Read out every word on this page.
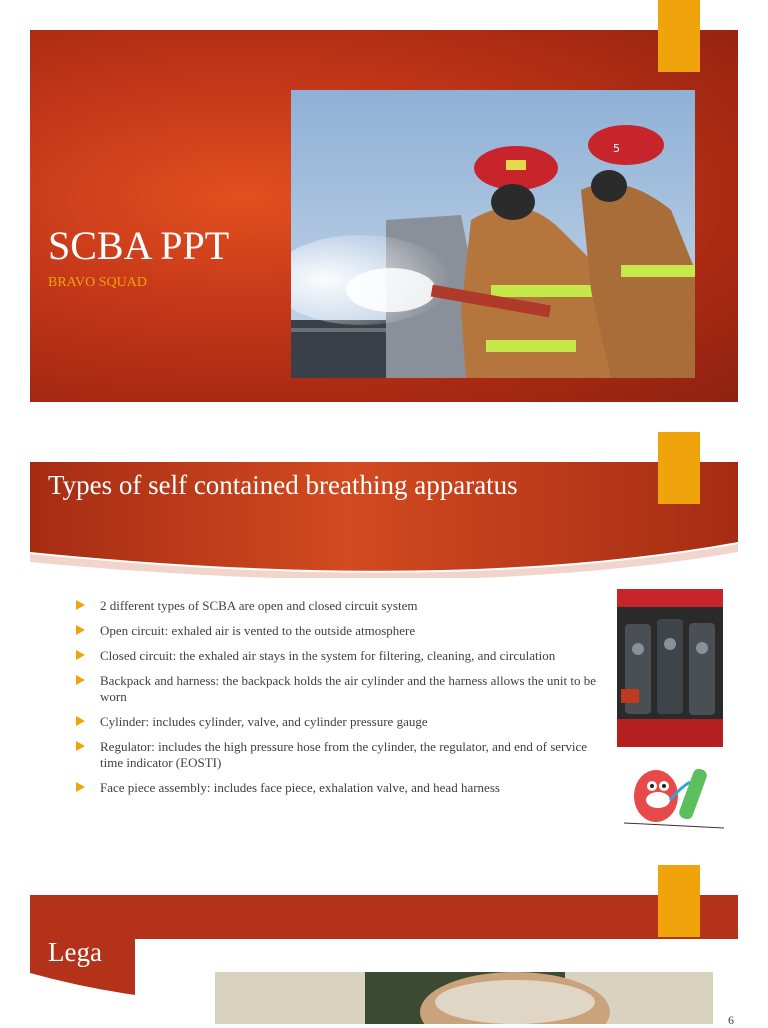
SCBA PPT
BRAVO SQUAD
5
Types of self contained breathing apparatus
2 different types of SCBA are open and closed circuit system
Open circuit: exhaled air is vented to the outside atmosphere
Closed circuit: the exhaled air stays in the system for filtering, cleaning, and circulation
Backpack and harness: the backpack holds the air cylinder and the harness allows the unit to be worn
Cylinder: includes cylinder, valve, and cylinder pressure gauge
Regulator: includes the high pressure hose from the cylinder, the regulator, and end of service time indicator (EOSTI)
Face piece assembly: includes face piece, exhalation valve, and head harness
Lega
6
